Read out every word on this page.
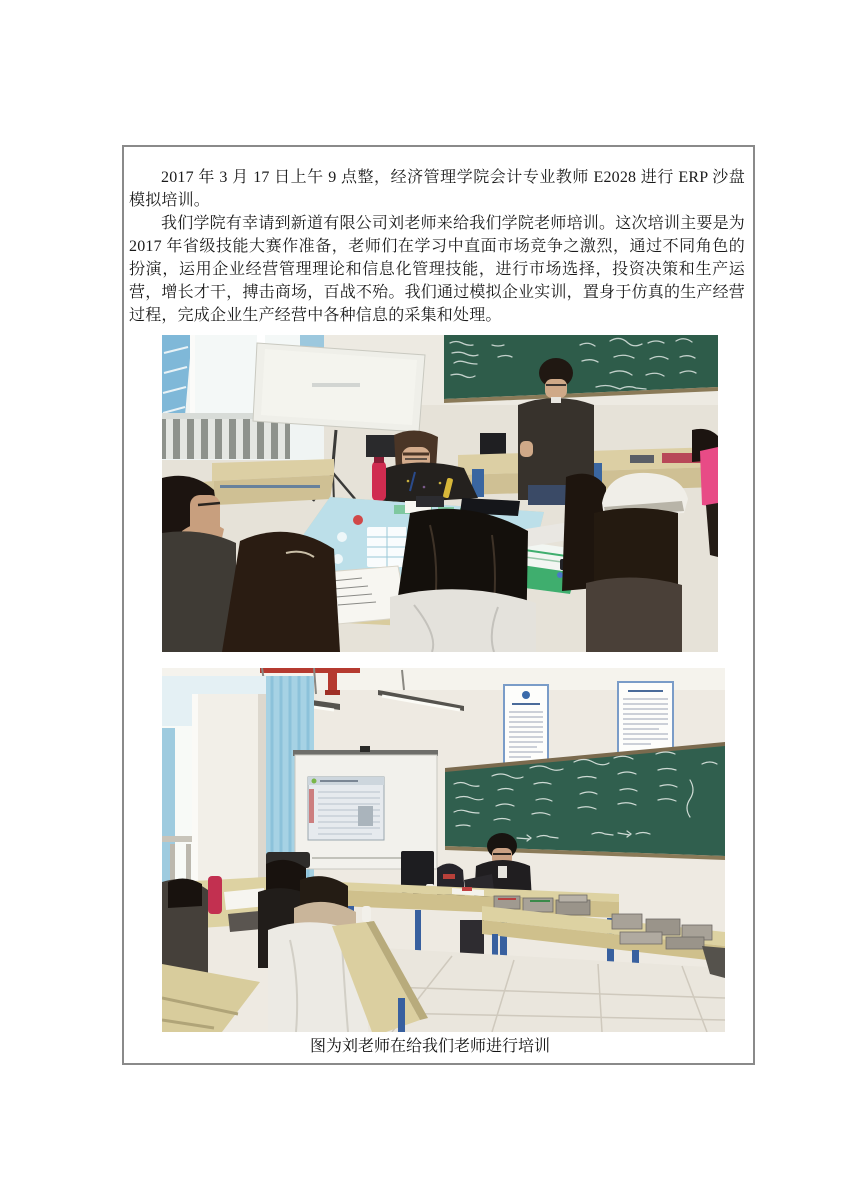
2017 年 3 月 17 日上午 9 点整，经济管理学院会计专业教师 E2028 进行 ERP 沙盘模拟培训。

我们学院有幸请到新道有限公司刘老师来给我们学院老师培训。这次培训主要是为 2017 年省级技能大赛作准备，老师们在学习中直面市场竞争之激烈，通过不同角色的扮演，运用企业经营管理理论和信息化管理技能，进行市场选择，投资决策和生产运营，增长才干，搏击商场，百战不殆。我们通过模拟企业实训，置身于仿真的生产经营过程，完成企业生产经营中各种信息的采集和处理。

图为刘老师在给我们老师进行培训
